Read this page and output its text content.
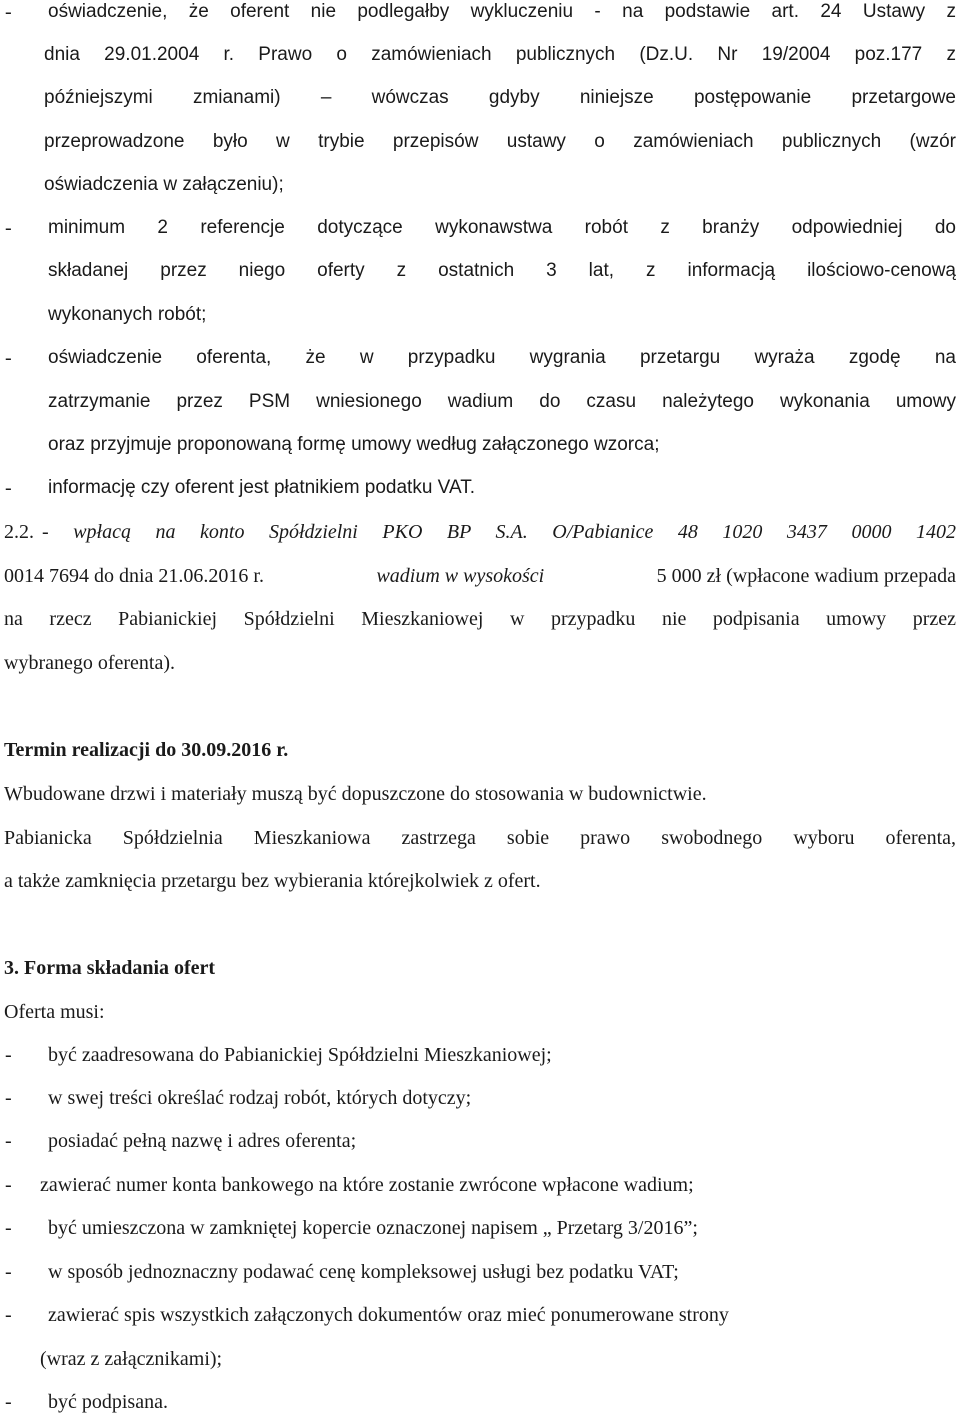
- oświadczenie, że oferent nie podlegałby wykluczeniu - na podstawie art. 24 Ustawy z
dnia 29.01.2004 r. Prawo o zamówieniach publicznych (Dz.U. Nr 19/2004 poz.177 z
późniejszymi zmianami) – wówczas gdyby niniejsze postępowanie przetargowe
przeprowadzone było w trybie przepisów ustawy o zamówieniach publicznych (wzór
oświadczenia w załączeniu);
- minimum 2 referencje dotyczące wykonawstwa robót z branży odpowiedniej do
składanej przez niego oferty z ostatnich 3 lat, z informacją ilościowo-cenową
wykonanych robót;
- oświadczenie oferenta, że w przypadku wygrania przetargu wyraża zgodę na
zatrzymanie przez PSM wniesionego wadium do czasu należytego wykonania umowy
oraz przyjmuje proponowaną formę umowy według załączonego wzorca;
- informację czy oferent jest płatnikiem podatku VAT.
2.2. - wpłacą na konto Spółdzielni PKO BP S.A. O/Pabianice 48 1020 3437 0000 1402
0014 7694 do dnia 21.06.2016 r.	wadium w wysokości	5 000 zł (wpłacone wadium przepada
na rzecz Pabianickiej Spółdzielni Mieszkaniowej w przypadku nie podpisania umowy przez
wybranego oferenta).
Termin realizacji do 30.09.2016 r.
Wbudowane drzwi i materiały muszą być dopuszczone do stosowania w budownictwie.
Pabianicka Spółdzielnia Mieszkaniowa zastrzega sobie prawo swobodnego wyboru oferenta,
a także zamknięcia przetargu bez wybierania którejkolwiek z ofert.
3. Forma składania ofert
Oferta musi:
- być zaadresowana do Pabianickiej Spółdzielni Mieszkaniowej;
- w swej treści określać rodzaj robót, których dotyczy;
- posiadać pełną nazwę i adres oferenta;
- zawierać numer konta bankowego na które zostanie zwrócone wpłacone wadium;
- być umieszczona w zamkniętej kopercie oznaczonej napisem „ Przetarg 3/2016”;
- w sposób jednoznaczny podawać cenę kompleksowej usługi bez podatku VAT;
- zawierać spis wszystkich załączonych dokumentów oraz mieć ponumerowane strony
(wraz z załącznikami);
- być podpisana.
